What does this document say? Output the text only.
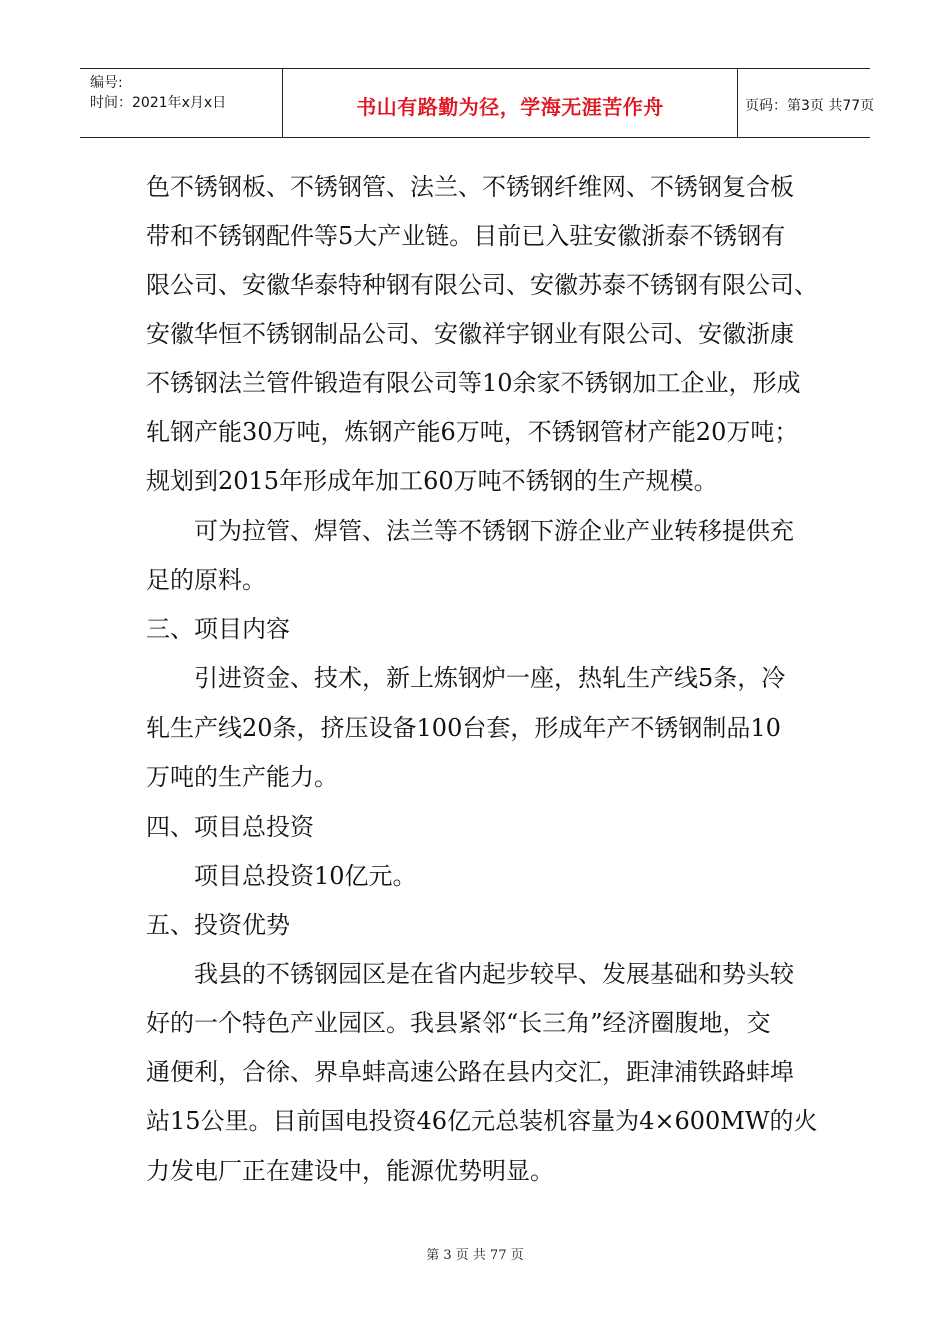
编号:
时间：2021年x月x日	书山有路勤为径，学海无涯苦作舟	页码：第3页 共77页
色不锈钢板、不锈钢管、法兰、不锈钢纤维网、不锈钢复合板
带和不锈钢配件等5大产业链。目前已入驻安徽浙泰不锈钢有
限公司、安徽华泰特种钢有限公司、安徽苏泰不锈钢有限公司、
安徽华恒不锈钢制品公司、安徽祥宇钢业有限公司、安徽浙康
不锈钢法兰管件锻造有限公司等10余家不锈钢加工企业，形成
轧钢产能30万吨，炼钢产能6万吨，不锈钢管材产能20万吨；
规划到2015年形成年加工60万吨不锈钢的生产规模。
可为拉管、焊管、法兰等不锈钢下游企业产业转移提供充
足的原料。
三、项目内容
引进资金、技术，新上炼钢炉一座，热轧生产线5条，冷
轧生产线20条，挤压设备100台套，形成年产不锈钢制品10
万吨的生产能力。
四、项目总投资
项目总投资10亿元。
五、投资优势
我县的不锈钢园区是在省内起步较早、发展基础和势头较
好的一个特色产业园区。我县紧邻“长三角”经济圈腹地，交
通便利，合徐、界阜蚌高速公路在县内交汇，距津浦铁路蚌埠
站15公里。目前国电投资46亿元总装机容量为4×600MW的火
力发电厂正在建设中，能源优势明显。
第 3 页 共 77 页
